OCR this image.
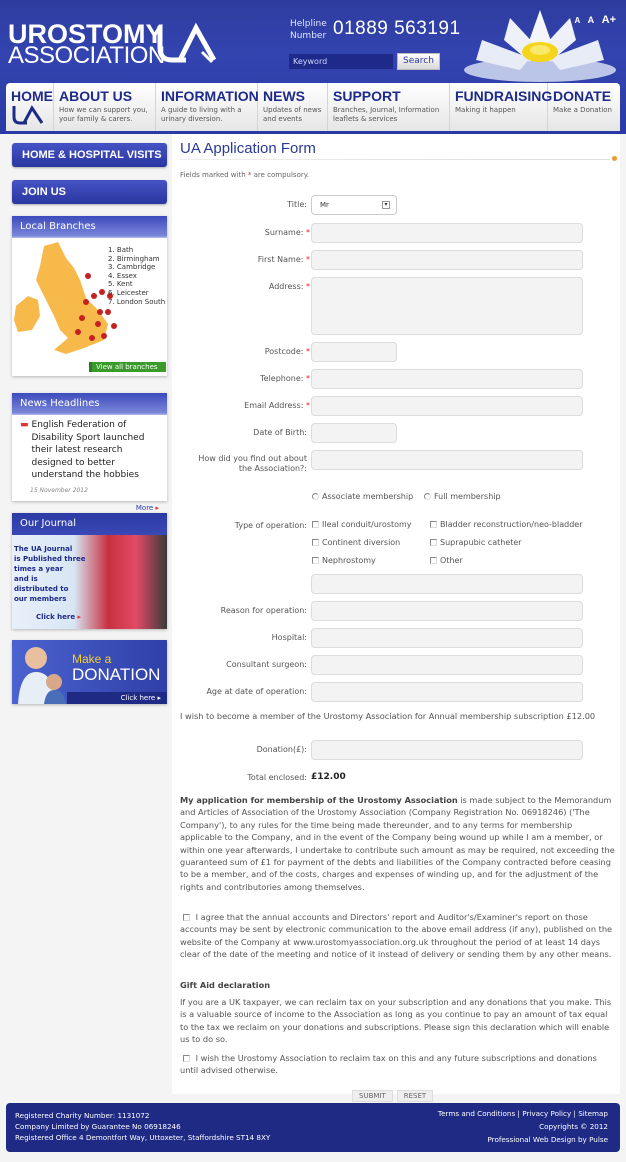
UROSTOMY
ASSOCIATION
Helpline
Number 01889 563191
Keyword	Search
A A A+
HOME ABOUT US
How we can support you, your family & carers.
INFORMATION
A guide to living with a urinary diversion.
NEWS
Updates of news and events
SUPPORT
Branches, Journal, Information leaflets & services
FUNDRAISING
Making it happen
DONATE
Make a Donation
HOME & HOSPITAL VISITS
JOIN US
Local Branches
1. Bath
2. Birmingham
3. Cambridge
4. Essex
5. Kent
6. Leicester
7. London South
View all branches
News Headlines
▬ English Federation of Disability Sport launched their latest research designed to better understand the hobbies
15 November 2012
More ▸
Our Journal
The UA Journal
is Published three
times a year
and is
distributed to
our members
Click here ▸
Make a
DONATION
Click here ▸
UA Application Form
Fields marked with * are compulsory.
Title:	Mr	▾
Surname: *
First Name: *
Address: *
Postcode: *
Telephone: *
Email Address: *
Date of Birth:
How did you find out about
the Association?:
Associate membership	Full membership
Type of operation:	Ileal conduit/urostomy	Bladder reconstruction/neo-bladder
Continent diversion	Suprapubic catheter
Nephrostomy	Other
Reason for operation:
Hospital:
Consultant surgeon:
Age at date of operation:
I wish to become a member of the Urostomy Association for Annual membership subscription £12.00
Donation(£):
Total enclosed: £12.00
My application for membership of the Urostomy Association is made subject to the Memorandum and Articles of Association of the Urostomy Association (Company Registration No. 06918246) ('The Company'), to any rules for the time being made thereunder, and to any terms for membership applicable to the Company, and in the event of the Company being wound up while I am a member, or within one year afterwards, I undertake to contribute such amount as may be required, not exceeding the guaranteed sum of £1 for payment of the debts and liabilities of the Company contracted before ceasing to be a member, and of the costs, charges and expenses of winding up, and for the adjustment of the rights and contributories among themselves.
I agree that the annual accounts and Directors' report and Auditor's/Examiner's report on those accounts may be sent by electronic communication to the above email address (if any), published on the website of the Company at www.urostomyassociation.org.uk throughout the period of at least 14 days clear of the date of the meeting and notice of it instead of delivery or sending them by any other means.
Gift Aid declaration
If you are a UK taxpayer, we can reclaim tax on your subscription and any donations that you make. This is a valuable source of income to the Association as long as you continue to pay an amount of tax equal to the tax we reclaim on your donations and subscriptions. Please sign this declaration which will enable us to do so.
I wish the Urostomy Association to reclaim tax on this and any future subscriptions and donations until advised otherwise.
SUBMIT	RESET
Registered Charity Number: 1131072
Company Limited by Guarantee No 06918246
Registered Office 4 Demontfort Way, Uttoxeter, Staffordshire ST14 8XY
Terms and Conditions | Privacy Policy | Sitemap
Copyrights © 2012
Professional Web Design by Pulse
